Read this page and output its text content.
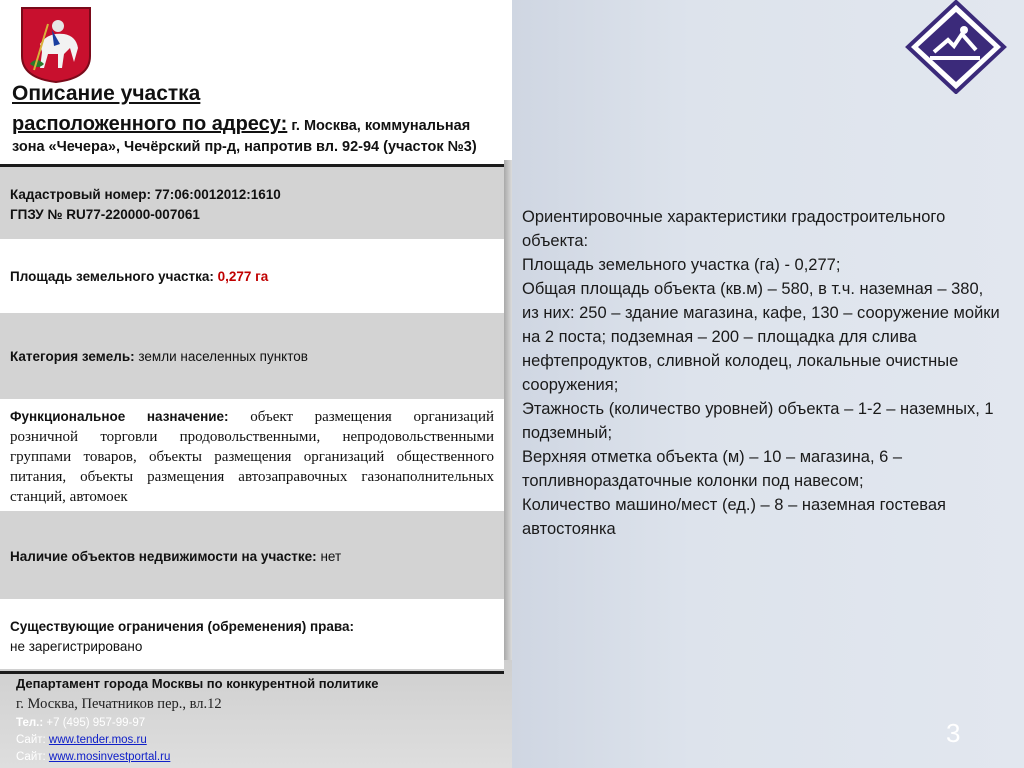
Описание участка
расположенного по адресу: г. Москва, коммунальная
зона «Чечера», Чечёрский пр-д, напротив вл. 92-94 (участок №3)
Кадастровый номер: 77:06:0012012:1610
ГПЗУ № RU77-220000-007061
Площадь земельного участка: 0,277 га
Категория земель: земли населенных пунктов
Функциональное назначение: объект размещения организаций розничной торговли продовольственными, непродовольственными группами товаров, объекты размещения организаций общественного питания, объекты размещения автозаправочных газонаполнительных станций, автомоек
Наличие объектов недвижимости на участке: нет
Существующие ограничения (обременения) права:
не зарегистрировано
Департамент города Москвы по конкурентной политике
г. Москва, Печатников пер., вл.12
Тел.: +7 (495) 957-99-97
Сайт: www.tender.mos.ru
Сайт: www.mosinvestportal.ru
Ориентировочные характеристики градостроительного объекта:
Площадь земельного участка (га) - 0,277;
Общая площадь объекта (кв.м) – 580, в т.ч. наземная – 380, из них: 250 – здание магазина, кафе, 130 – сооружение мойки на 2 поста; подземная – 200 – площадка для слива нефтепродуктов, сливной колодец, локальные очистные сооружения;
Этажность (количество уровней) объекта – 1-2 – наземных, 1 подземный;
Верхняя отметка объекта (м) – 10 – магазина, 6 – топливнораздаточные колонки под навесом;
Количество машино/мест (ед.) – 8 – наземная гостевая автостоянка
3
